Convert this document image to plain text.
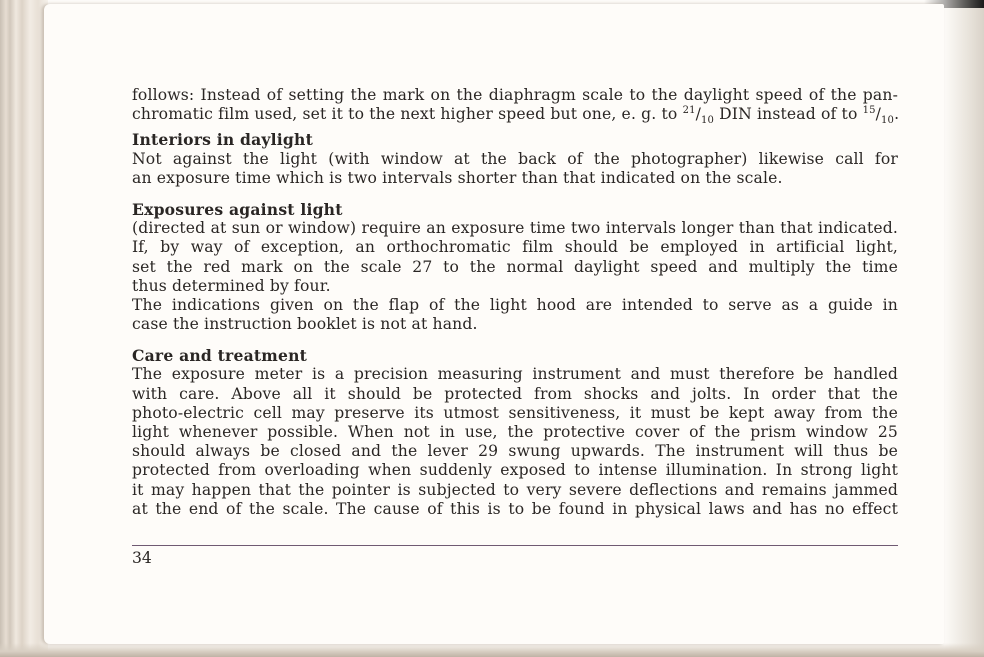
follows: Instead of setting the mark on the diaphragm scale to the daylight speed of the pan-
chromatic film used, set it to the next higher speed but one, e. g. to $^{21}/_{10}$ DIN instead of to $^{15}/_{10}$.
Interiors in daylight
Not against the light (with window at the back of the photographer) likewise call for
an exposure time which is two intervals shorter than that indicated on the scale.
Exposures against light
(directed at sun or window) require an exposure time two intervals longer than that indicated.
If, by way of exception, an orthochromatic film should be employed in artificial light,
set the red mark on the scale 27 to the normal daylight speed and multiply the time
thus determined by four.
The indications given on the flap of the light hood are intended to serve as a guide in
case the instruction booklet is not at hand.
Care and treatment
The exposure meter is a precision measuring instrument and must therefore be handled
with care. Above all it should be protected from shocks and jolts. In order that the
photo-electric cell may preserve its utmost sensitiveness, it must be kept away from the
light whenever possible. When not in use, the protective cover of the prism window 25
should always be closed and the lever 29 swung upwards. The instrument will thus be
protected from overloading when suddenly exposed to intense illumination. In strong light
it may happen that the pointer is subjected to very severe deflections and remains jammed
at the end of the scale. The cause of this is to be found in physical laws and has no effect
34
